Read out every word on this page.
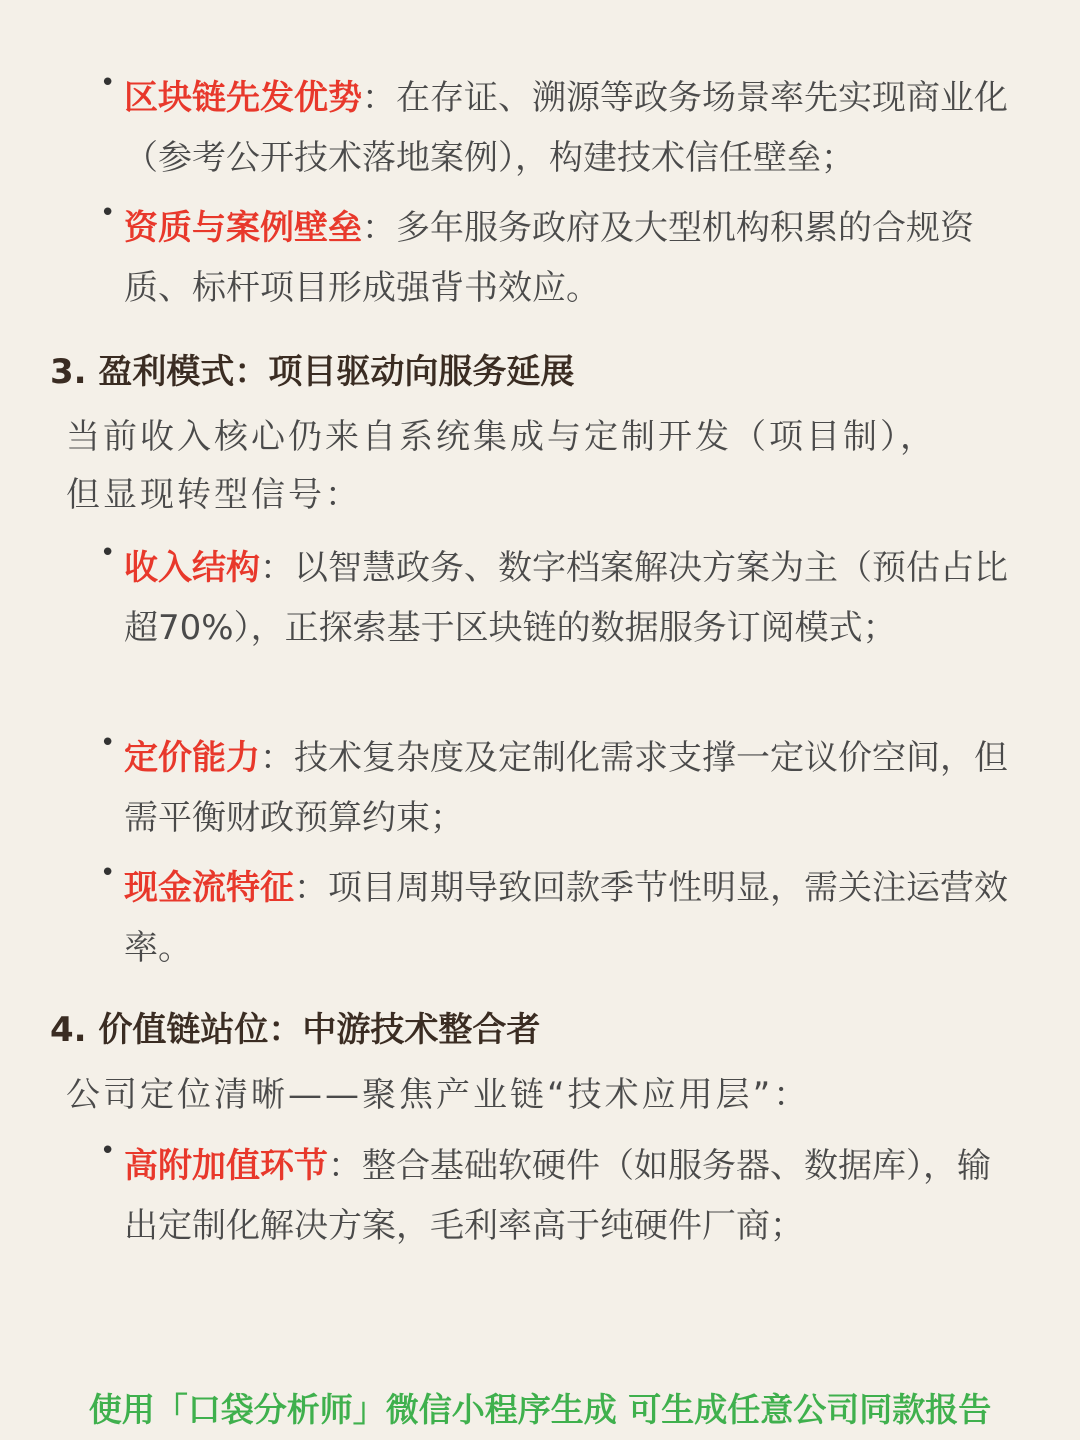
• 区块链先发优势：在存证、溯源等政务场景率先实现商业化（参考公开技术落地案例），构建技术信任壁垒；
• 资质与案例壁垒：多年服务政府及大型机构积累的合规资质、标杆项目形成强背书效应。
3. 盈利模式：项目驱动向服务延展
当前收入核心仍来自系统集成与定制开发（项目制），但显现转型信号：
• 收入结构：以智慧政务、数字档案解决方案为主（预估占比超70%），正探索基于区块链的数据服务订阅模式；
• 定价能力：技术复杂度及定制化需求支撑一定议价空间，但需平衡财政预算约束；
• 现金流特征：项目周期导致回款季节性明显，需关注运营效率。
4. 价值链站位：中游技术整合者
公司定位清晰——聚焦产业链“技术应用层”：
• 高附加值环节：整合基础软硬件（如服务器、数据库），输出定制化解决方案，毛利率高于纯硬件厂商；
使用「口袋分析师」微信小程序生成 可生成任意公司同款报告
